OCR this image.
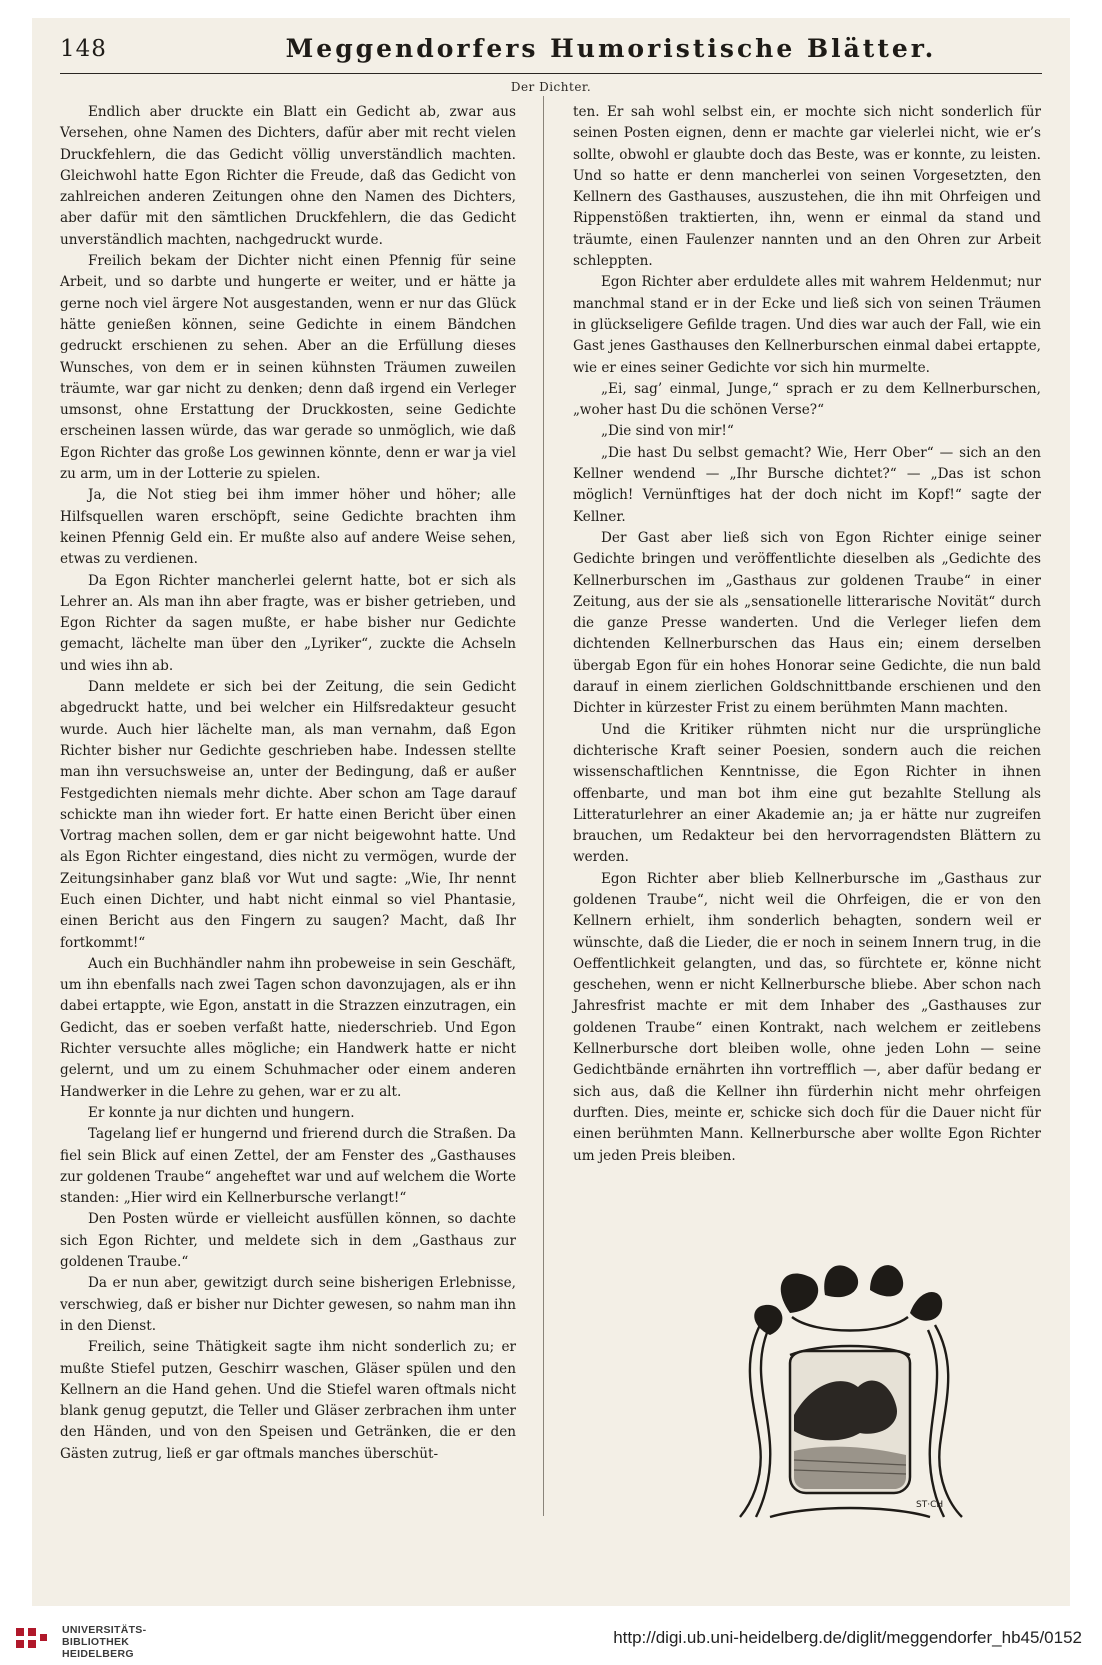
148	Meggendorfers Humoristische Blätter.
Der Dichter.

Endlich aber druckte ein Blatt ein Gedicht ab, zwar aus Versehen, ohne Namen des Dichters, dafür aber mit recht vielen Druckfehlern, die das Gedicht völlig unverständlich machten. Gleichwohl hatte Egon Richter die Freude, daß das Gedicht von zahlreichen anderen Zeitungen ohne den Namen des Dichters, aber dafür mit den sämtlichen Druckfehlern, die das Gedicht unverständlich machten, nachgedruckt wurde.

Freilich bekam der Dichter nicht einen Pfennig für seine Arbeit, und so darbte und hungerte er weiter, und er hätte ja gerne noch viel ärgere Not ausgestanden, wenn er nur das Glück hätte genießen können, seine Gedichte in einem Bändchen gedruckt erschienen zu sehen. Aber an die Erfüllung dieses Wunsches, von dem er in seinen kühnsten Träumen zuweilen träumte, war gar nicht zu denken; denn daß irgend ein Verleger umsonst, ohne Erstattung der Druckkosten, seine Gedichte erscheinen lassen würde, das war gerade so unmöglich, wie daß Egon Richter das große Los gewinnen könnte, denn er war ja viel zu arm, um in der Lotterie zu spielen.

Ja, die Not stieg bei ihm immer höher und höher; alle Hilfsquellen waren erschöpft, seine Gedichte brachten ihm keinen Pfennig Geld ein. Er mußte also auf andere Weise sehen, etwas zu verdienen.

Da Egon Richter mancherlei gelernt hatte, bot er sich als Lehrer an. Als man ihn aber fragte, was er bisher getrieben, und Egon Richter da sagen mußte, er habe bisher nur Gedichte gemacht, lächelte man über den „Lyriker“, zuckte die Achseln und wies ihn ab.

Dann meldete er sich bei der Zeitung, die sein Gedicht abgedruckt hatte, und bei welcher ein Hilfsredakteur gesucht wurde. Auch hier lächelte man, als man vernahm, daß Egon Richter bisher nur Gedichte geschrieben habe. Indessen stellte man ihn versuchsweise an, unter der Bedingung, daß er außer Festgedichten niemals mehr dichte. Aber schon am Tage darauf schickte man ihn wieder fort. Er hatte einen Bericht über einen Vortrag machen sollen, dem er gar nicht beigewohnt hatte. Und als Egon Richter eingestand, dies nicht zu vermögen, wurde der Zeitungsinhaber ganz blaß vor Wut und sagte: „Wie, Ihr nennt Euch einen Dichter, und habt nicht einmal so viel Phantasie, einen Bericht aus den Fingern zu saugen? Macht, daß Ihr fortkommt!“

Auch ein Buchhändler nahm ihn probeweise in sein Geschäft, um ihn ebenfalls nach zwei Tagen schon davonzujagen, als er ihn dabei ertappte, wie Egon, anstatt in die Strazzen einzutragen, ein Gedicht, das er soeben verfaßt hatte, niederschrieb. Und Egon Richter versuchte alles mögliche; ein Handwerk hatte er nicht gelernt, und um zu einem Schuhmacher oder einem anderen Handwerker in die Lehre zu gehen, war er zu alt.

Er konnte ja nur dichten und hungern.

Tagelang lief er hungernd und frierend durch die Straßen. Da fiel sein Blick auf einen Zettel, der am Fenster des „Gasthauses zur goldenen Traube“ angeheftet war und auf welchem die Worte standen: „Hier wird ein Kellnerbursche verlangt!“

Den Posten würde er vielleicht ausfüllen können, so dachte sich Egon Richter, und meldete sich in dem „Gasthaus zur goldenen Traube.“

Da er nun aber, gewitzigt durch seine bisherigen Erlebnisse, verschwieg, daß er bisher nur Dichter gewesen, so nahm man ihn in den Dienst.

Freilich, seine Thätigkeit sagte ihm nicht sonderlich zu; er mußte Stiefel putzen, Geschirr waschen, Gläser spülen und den Kellnern an die Hand gehen. Und die Stiefel waren oftmals nicht blank genug geputzt, die Teller und Gläser zerbrachen ihm unter den Händen, und von den Speisen und Getränken, die er den Gästen zutrug, ließ er gar oftmals manches überschüt-

ten. Er sah wohl selbst ein, er mochte sich nicht sonderlich für seinen Posten eignen, denn er machte gar vielerlei nicht, wie er’s sollte, obwohl er glaubte doch das Beste, was er konnte, zu leisten. Und so hatte er denn mancherlei von seinen Vorgesetzten, den Kellnern des Gasthauses, auszustehen, die ihn mit Ohrfeigen und Rippenstößen traktierten, ihn, wenn er einmal da stand und träumte, einen Faulenzer nannten und an den Ohren zur Arbeit schleppten.

Egon Richter aber erduldete alles mit wahrem Heldenmut; nur manchmal stand er in der Ecke und ließ sich von seinen Träumen in glückseligere Gefilde tragen. Und dies war auch der Fall, wie ein Gast jenes Gasthauses den Kellnerburschen einmal dabei ertappte, wie er eines seiner Gedichte vor sich hin murmelte.

„Ei, sag’ einmal, Junge,“ sprach er zu dem Kellnerburschen, „woher hast Du die schönen Verse?“

„Die sind von mir!“

„Die hast Du selbst gemacht? Wie, Herr Ober“ — sich an den Kellner wendend — „Ihr Bursche dichtet?“ — „Das ist schon möglich! Vernünftiges hat der doch nicht im Kopf!“ sagte der Kellner.

Der Gast aber ließ sich von Egon Richter einige seiner Gedichte bringen und veröffentlichte dieselben als „Gedichte des Kellnerburschen im „Gasthaus zur goldenen Traube“ in einer Zeitung, aus der sie als „sensationelle litterarische Novität“ durch die ganze Presse wanderten. Und die Verleger liefen dem dichtenden Kellnerburschen das Haus ein; einem derselben übergab Egon für ein hohes Honorar seine Gedichte, die nun bald darauf in einem zierlichen Goldschnittbande erschienen und den Dichter in kürzester Frist zu einem berühmten Mann machten.

Und die Kritiker rühmten nicht nur die ursprüngliche dichterische Kraft seiner Poesien, sondern auch die reichen wissenschaftlichen Kenntnisse, die Egon Richter in ihnen offenbarte, und man bot ihm eine gut bezahlte Stellung als Litteraturlehrer an einer Akademie an; ja er hätte nur zugreifen brauchen, um Redakteur bei den hervorragendsten Blättern zu werden.

Egon Richter aber blieb Kellnerbursche im „Gasthaus zur goldenen Traube“, nicht weil die Ohrfeigen, die er von den Kellnern erhielt, ihm sonderlich behagten, sondern weil er wünschte, daß die Lieder, die er noch in seinem Innern trug, in die Oeffentlichkeit gelangten, und das, so fürchtete er, könne nicht geschehen, wenn er nicht Kellnerbursche bliebe. Aber schon nach Jahresfrist machte er mit dem Inhaber des „Gasthauses zur goldenen Traube“ einen Kontrakt, nach welchem er zeitlebens Kellnerbursche dort bleiben wolle, ohne jeden Lohn — seine Gedichtbände ernährten ihn vortrefflich —, aber dafür bedang er sich aus, daß die Kellner ihn fürderhin nicht mehr ohrfeigen durften. Dies, meinte er, schicke sich doch für die Dauer nicht für einen berühmten Mann. Kellnerbursche aber wollte Egon Richter um jeden Preis bleiben.

ST·CH
UNIVERSITÄTS-
BIBLIOTHEK
HEIDELBERG
http://digi.ub.uni-heidelberg.de/diglit/meggendorfer_hb45/0152
